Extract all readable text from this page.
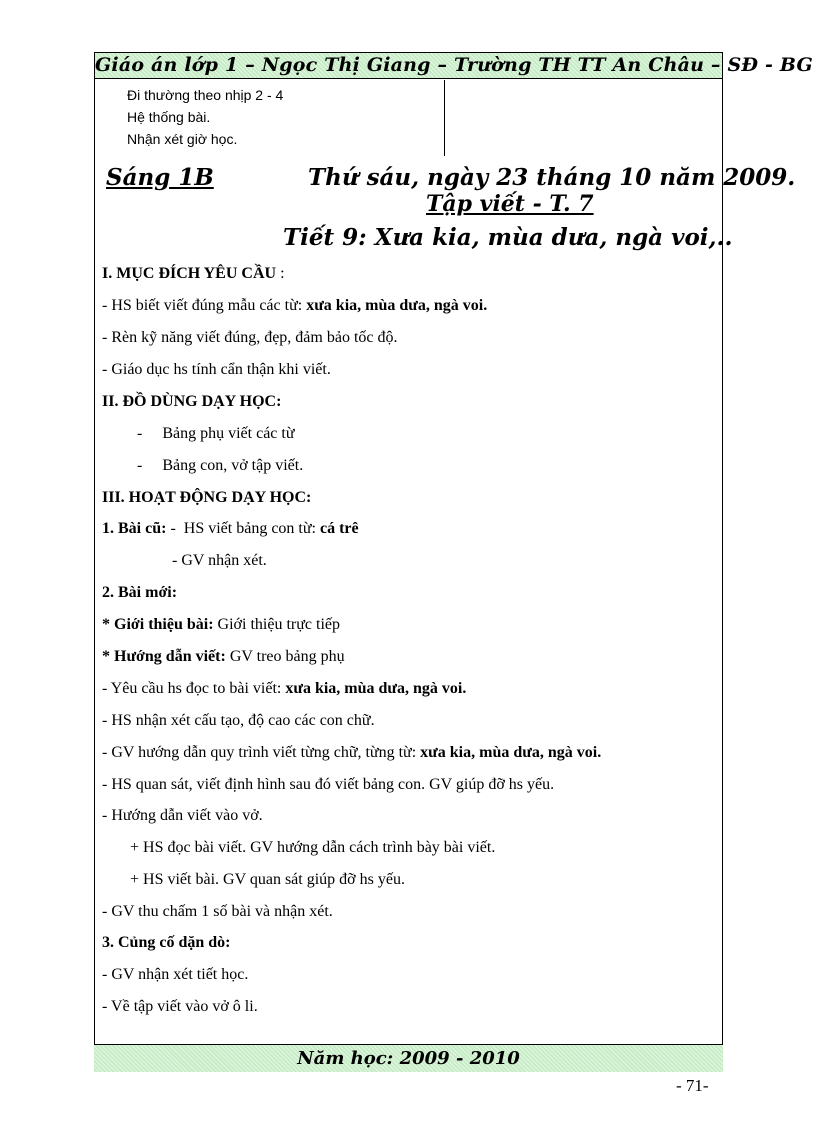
Giáo án lớp 1 – Ngọc Thị Giang – Trường TH TT An Châu – SĐ - BG
Đi thường theo nhịp 2 - 4
Hệ thống bài.
Nhận xét giờ học.
Sáng 1B	Thứ sáu, ngày 23 tháng 10 năm 2009.
Tập viết - T. 7
Tiết 9: Xưa kia, mùa dưa, ngà voi,..
I. MỤC ĐÍCH YÊU CẦU :
- HS biết viết đúng mẫu các từ: xưa kia, mùa dưa, ngà voi.
- Rèn kỹ năng viết đúng, đẹp, đảm bảo tốc độ.
- Giáo dục hs tính cẩn thận khi viết.
II. ĐỒ DÙNG DẠY HỌC:
-     Bảng phụ viết các từ
-     Bảng con, vở tập viết.
III. HOẠT ĐỘNG DẠY HỌC:
1. Bài cũ: -  HS viết bảng con từ: cá trê
- GV nhận xét.
2. Bài mới:
* Giới thiệu bài: Giới thiệu trực tiếp
* Hướng dẫn viết: GV treo bảng phụ
- Yêu cầu hs đọc to bài viết: xưa kia, mùa dưa, ngà voi.
- HS nhận xét cấu tạo, độ cao các con chữ.
- GV hướng dẫn quy trình viết từng chữ, từng từ: xưa kia, mùa dưa, ngà voi.
- HS quan sát, viết định hình sau đó viết bảng con. GV giúp đỡ hs yếu.
- Hướng dẫn viết vào vở.
+ HS đọc bài viết. GV hướng dẫn cách trình bày bài viết.
+ HS viết bài. GV quan sát giúp đỡ hs yếu.
- GV thu chấm 1 số bài và nhận xét.
3. Củng cố dặn dò:
- GV nhận xét tiết học.
- Về tập viết vào vở ô li.
Năm học: 2009 - 2010
- 71-
